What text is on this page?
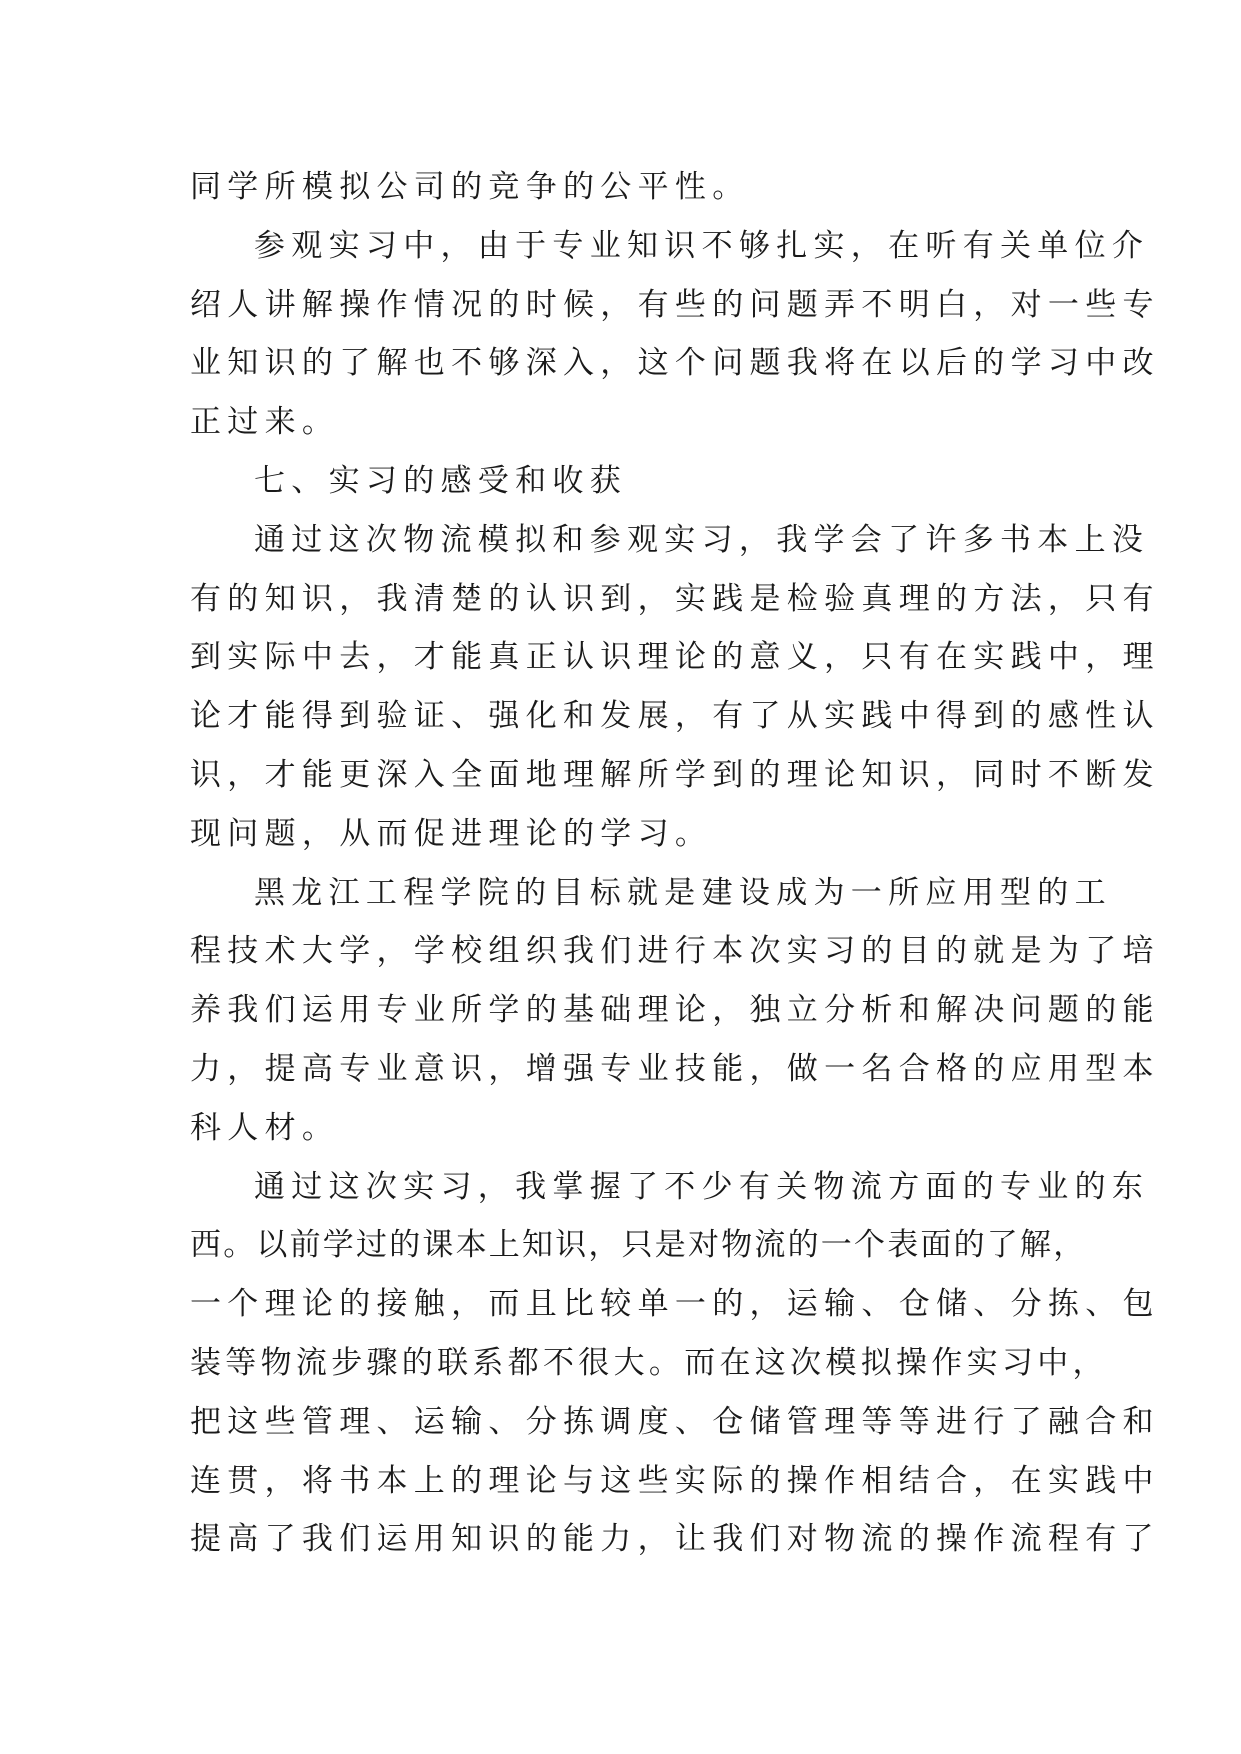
同学所模拟公司的竞争的公平性。
参观实习中，由于专业知识不够扎实，在听有关单位介
绍人讲解操作情况的时候，有些的问题弄不明白，对一些专
业知识的了解也不够深入，这个问题我将在以后的学习中改
正过来。
七、实习的感受和收获
通过这次物流模拟和参观实习，我学会了许多书本上没
有的知识，我清楚的认识到，实践是检验真理的方法，只有
到实际中去，才能真正认识理论的意义，只有在实践中，理
论才能得到验证、强化和发展，有了从实践中得到的感性认
识，才能更深入全面地理解所学到的理论知识，同时不断发
现问题，从而促进理论的学习。
黑龙江工程学院的目标就是建设成为一所应用型的工
程技术大学，学校组织我们进行本次实习的目的就是为了培
养我们运用专业所学的基础理论，独立分析和解决问题的能
力，提高专业意识，增强专业技能，做一名合格的应用型本
科人材。
通过这次实习，我掌握了不少有关物流方面的专业的东
西。以前学过的课本上知识，只是对物流的一个表面的了解，
一个理论的接触，而且比较单一的，运输、仓储、分拣、包
装等物流步骤的联系都不很大。而在这次模拟操作实习中，
把这些管理、运输、分拣调度、仓储管理等等进行了融合和
连贯，将书本上的理论与这些实际的操作相结合，在实践中
提高了我们运用知识的能力，让我们对物流的操作流程有了
